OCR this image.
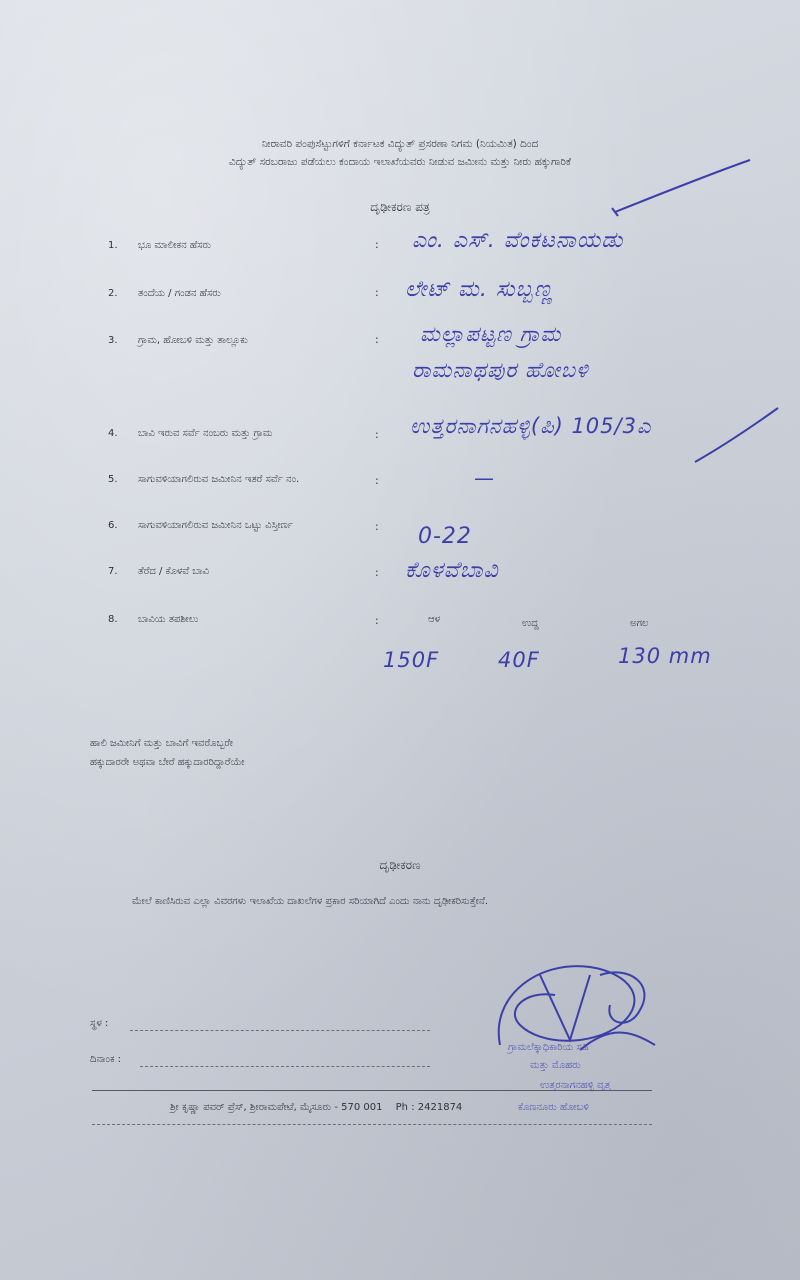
ನೀರಾವರಿ ಪಂಪುಸೆಟ್ಟುಗಳಿಗೆ ಕರ್ನಾಟಕ ವಿದ್ಯುತ್ ಪ್ರಸರಣಾ ನಿಗಮ (ನಿಯಮಿತ) ದಿಂದ
ವಿದ್ಯುತ್ ಸರಬರಾಜು ಪಡೆಯಲು ಕಂದಾಯ ಇಲಾಖೆಯವರು ನೀಡುವ ಜಮೀನು ಮತ್ತು ನೀರು ಹಕ್ಕುಗಾರಿಕೆ
ದೃಢೀಕರಣ ಪತ್ರ
1. ಭೂ ಮಾಲೀಕನ ಹೆಸರು	: ಎಂ. ಎಸ್. ವೆಂಕಟನಾಯಡು
2. ತಂದೆಯ / ಗಂಡನ ಹೆಸರು	: ಲೇಟ್ ಮ. ಸುಬ್ಬಣ್ಣ
3. ಗ್ರಾಮ, ಹೋಬಳಿ ಮತ್ತು ತಾಲ್ಲೂಕು	: ಮಲ್ಲಾಪಟ್ಟಣ ಗ್ರಾಮ
ರಾಮನಾಥಪುರ ಹೋಬಳಿ
4. ಬಾವಿ ಇರುವ ಸರ್ವೆ ನಂಬರು ಮತ್ತು ಗ್ರಾಮ	: ಉತ್ತರನಾಗನಹಳ್ಳಿ(ಪಿ) 105/3ಎ
5. ಸಾಗುವಳಿಯಾಗಲಿರುವ ಜಮೀನಿನ ಇತರೆ ಸರ್ವೆ ನಂ.	:	—
6. ಸಾಗುವಳಿಯಾಗಲಿರುವ ಜಮೀನಿನ ಒಟ್ಟು ವಿಸ್ತೀರ್ಣ	: 0-22
7. ತೆರೆದ / ಕೊಳವೆ ಬಾವಿ	: ಕೊಳವೆಬಾವಿ
8. ಬಾವಿಯ ತಪಶೀಲು	:	ಆಳ	ಉದ್ದ	ಅಗಲ
150F	40F	130 mm
ಹಾಲಿ ಜಮೀನಿಗೆ ಮತ್ತು ಬಾವಿಗೆ ಇವರೊಬ್ಬರೇ
ಹಕ್ಕುದಾರರೇ ಅಥವಾ ಬೇರೆ ಹಕ್ಕುದಾರರಿದ್ದಾರೆಯೇ
ದೃಢೀಕರಣ
ಮೇಲೆ ಕಾಣಿಸಿರುವ ಎಲ್ಲಾ ವಿವರಗಳು ಇಲಾಖೆಯ ದಾಖಲೆಗಳ ಪ್ರಕಾರ ಸರಿಯಾಗಿದೆ ಎಂದು ನಾನು ದೃಢೀಕರಿಸುತ್ತೇನೆ.
ಸ್ಥಳ :
ದಿನಾಂಕ :
ಗ್ರಾಮಲೆಕ್ಕಾಧಿಕಾರಿಯ ಸಹಿ
ಮತ್ತು ಮೊಹರು
ಉತ್ತರನಾಗನಹಳ್ಳಿ ವೃತ್ತ
ಕೊಣನೂರು ಹೋಬಳಿ
ಶ್ರೀ ಕೃಷ್ಣಾ ಪವರ್ ಪ್ರೆಸ್, ಶ್ರೀರಾಮಪೇಟೆ, ಮೈಸೂರು - 570 001 Ph : 2421874
